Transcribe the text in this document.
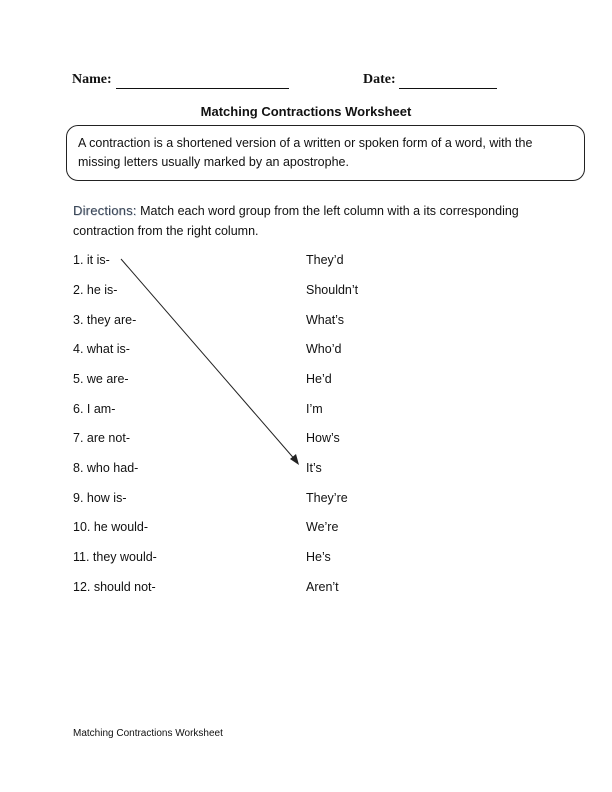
Name:	Date:
Matching Contractions Worksheet
A contraction is a shortened version of a written or spoken form of a word, with the missing letters usually marked by an apostrophe.
Directions: Match each word group from the left column with a its corresponding contraction from the right column.
1. it is-
2. he is-
3. they are-
4. what is-
5. we are-
6. I am-
7. are not-
8. who had-
9. how is-
10. he would-
11. they would-
12. should not-
They’d
Shouldn’t
What’s
Who’d
He’d
I’m
How’s
It’s
They’re
We’re
He’s
Aren’t
Matching Contractions Worksheet
